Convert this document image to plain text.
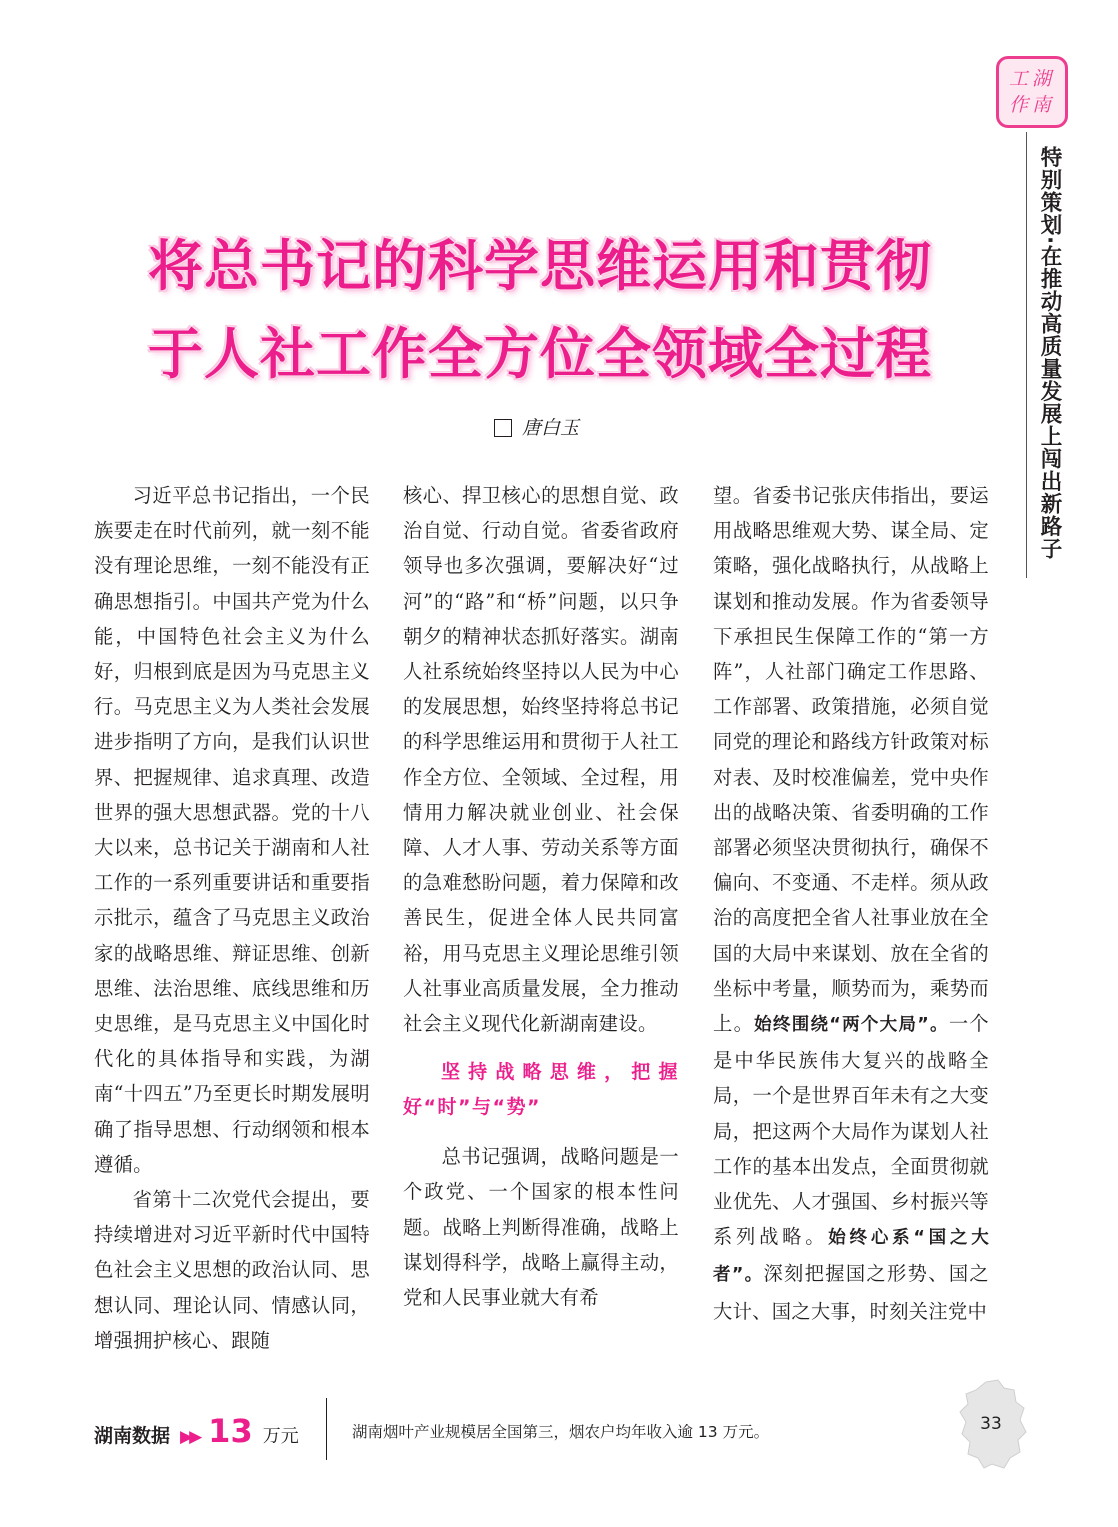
工湖
作南
特别策划·在推动高质量发展上闯出新路子
将总书记的科学思维运用和贯彻
于人社工作全方位全领域全过程
唐白玉

习近平总书记指出，一个民族要走在时代前列，就一刻不能没有理论思维，一刻不能没有正确思想指引。中国共产党为什么能，中国特色社会主义为什么好，归根到底是因为马克思主义行。马克思主义为人类社会发展进步指明了方向，是我们认识世界、把握规律、追求真理、改造世界的强大思想武器。党的十八大以来，总书记关于湖南和人社工作的一系列重要讲话和重要指示批示，蕴含了马克思主义政治家的战略思维、辩证思维、创新思维、法治思维、底线思维和历史思维，是马克思主义中国化时代化的具体指导和实践，为湖南“十四五”乃至更长时期发展明确了指导思想、行动纲领和根本遵循。

省第十二次党代会提出，要持续增进对习近平新时代中国特色社会主义思想的政治认同、思想认同、理论认同、情感认同，增强拥护核心、跟随

核心、捍卫核心的思想自觉、政治自觉、行动自觉。省委省政府领导也多次强调，要解决好“过河”的“路”和“桥”问题，以只争朝夕的精神状态抓好落实。湖南人社系统始终坚持以人民为中心的发展思想，始终坚持将总书记的科学思维运用和贯彻于人社工作全方位、全领域、全过程，用情用力解决就业创业、社会保障、人才人事、劳动关系等方面的急难愁盼问题，着力保障和改善民生，促进全体人民共同富裕，用马克思主义理论思维引领人社事业高质量发展，全力推动社会主义现代化新湖南建设。

坚持战略思维，把握好“时”与“势”

总书记强调，战略问题是一个政党、一个国家的根本性问题。战略上判断得准确，战略上谋划得科学，战略上赢得主动，党和人民事业就大有希

望。省委书记张庆伟指出，要运用战略思维观大势、谋全局、定策略，强化战略执行，从战略上谋划和推动发展。作为省委领导下承担民生保障工作的“第一方阵”，人社部门确定工作思路、工作部署、政策措施，必须自觉同党的理论和路线方针政策对标对表、及时校准偏差，党中央作出的战略决策、省委明确的工作部署必须坚决贯彻执行，确保不偏向、不变通、不走样。须从政治的高度把全省人社事业放在全国的大局中来谋划、放在全省的坐标中考量，顺势而为，乘势而上。始终围绕“两个大局”。一个是中华民族伟大复兴的战略全局，一个是世界百年未有之大变局，把这两个大局作为谋划人社工作的基本出发点，全面贯彻就业优先、人才强国、乡村振兴等系列战略。始终心系“国之大者”。深刻把握国之形势、国之大计、国之大事，时刻关注党中

湖南数据 ▶▶ 13 万元	湖南烟叶产业规模居全国第三，烟农户均年收入逾 13 万元。	33
